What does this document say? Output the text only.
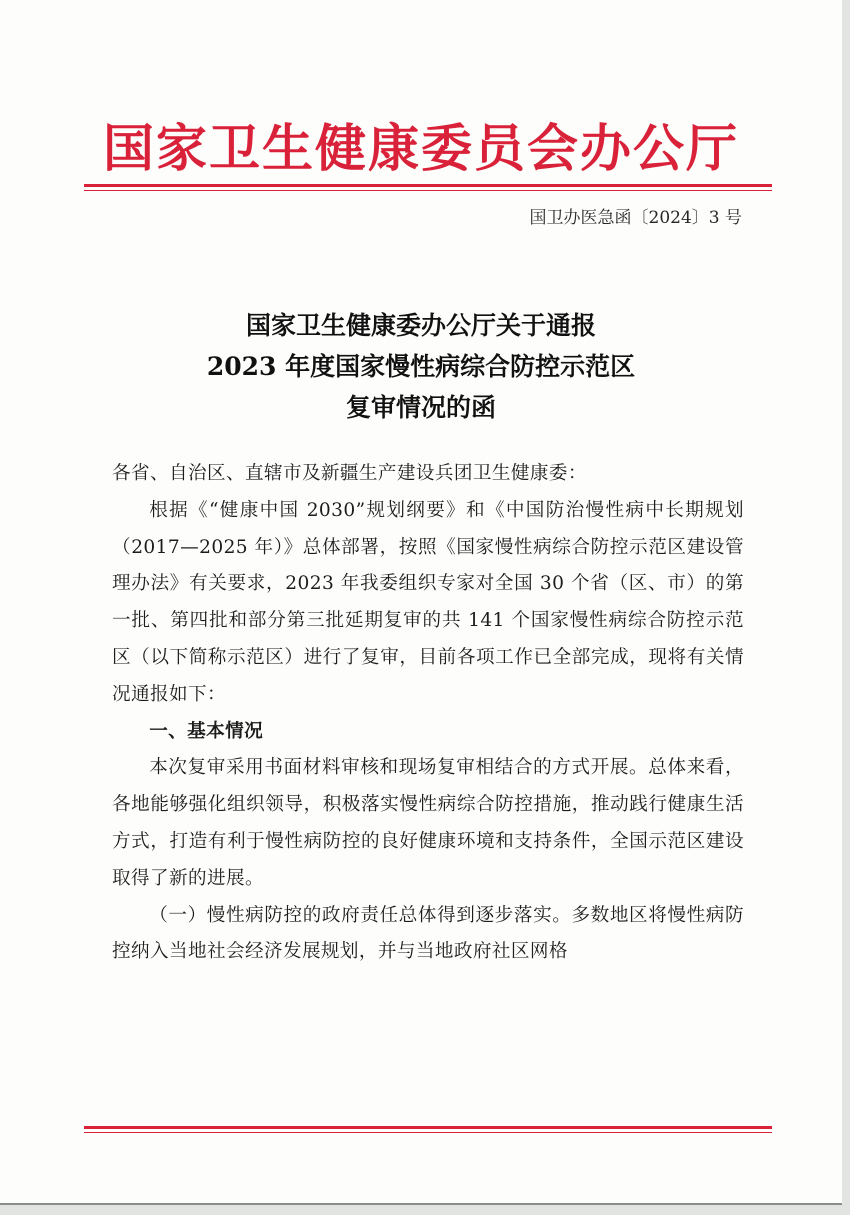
国家卫生健康委员会办公厅
国卫办医急函〔2024〕3 号
国家卫生健康委办公厅关于通报
2023 年度国家慢性病综合防控示范区
复审情况的函
各省、自治区、直辖市及新疆生产建设兵团卫生健康委：

根据《“健康中国 2030”规划纲要》和《中国防治慢性病中长期规划（2017—2025 年）》总体部署，按照《国家慢性病综合防控示范区建设管理办法》有关要求，2023 年我委组织专家对全国 30 个省（区、市）的第一批、第四批和部分第三批延期复审的共 141 个国家慢性病综合防控示范区（以下简称示范区）进行了复审，目前各项工作已全部完成，现将有关情况通报如下：

一、基本情况

本次复审采用书面材料审核和现场复审相结合的方式开展。总体来看，各地能够强化组织领导，积极落实慢性病综合防控措施，推动践行健康生活方式，打造有利于慢性病防控的良好健康环境和支持条件，全国示范区建设取得了新的进展。

（一）慢性病防控的政府责任总体得到逐步落实。多数地区将慢性病防控纳入当地社会经济发展规划，并与当地政府社区网格
